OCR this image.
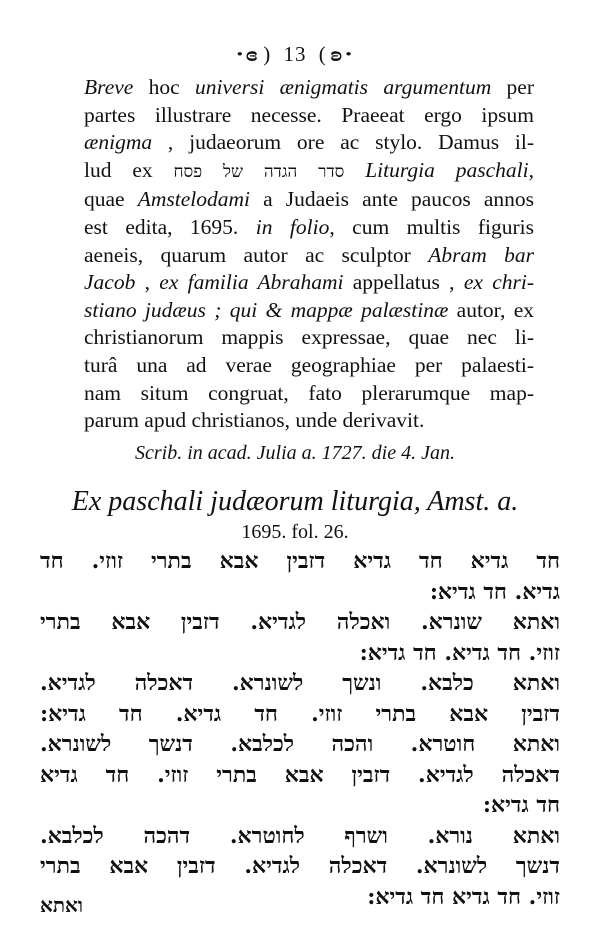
·ɞ ) 13 ( ʚ·
Breve hoc universi ænigmatis argumentum per
partes illustrare necesse. Praeeat ergo ipsum
ænigma , judaeorum ore ac stylo. Damus il-
lud ex סדר הגדה של פסח Liturgia paschali,
quae Amstelodami a Judaeis ante paucos annos
est edita, 1695. in folio, cum multis figuris
aeneis, quarum autor ac sculptor Abram bar
Jacob , ex familia Abrahami appellatus , ex chri-
stiano judæus ; qui & mappæ palæstinæ autor, ex
christianorum mappis expressae, quae nec li-
turâ una ad verae geographiae per palaesti-
nam situm congruat, fato plerarumque map-
parum apud christianos, unde derivavit.
Scrib. in acad. Julia a. 1727. die 4. Jan.
Ex paschali judæorum liturgia, Amst. a.
1695. fol. 26.
חד גדיא חד גדיא דזבין אבא בתרי זוזי. חד
גדיא. חד גדיא:
ואתא שונרא. ואכלה לגדיא. דזבין אבא בתרי
זוזי. חד גדיא. חד גדיא:
ואתא כלבא. ונשך לשונרא. דאכלה לגדיא.
דזבין אבא בתרי זוזי. חד גדיא. חד גדיא:
ואתא חוטרא. והכה לכלבא. דנשך לשונרא.
דאכלה לגדיא. דזבין אבא בתרי זוזי. חד גדיא
חד גדיא:
ואתא נורא. ושרף לחוטרא. דהכה לכלבא.
דנשך לשונרא. דאכלה לגדיא. דזבין אבא בתרי
זוזי. חד גדיא חד גדיא:
ואתא
